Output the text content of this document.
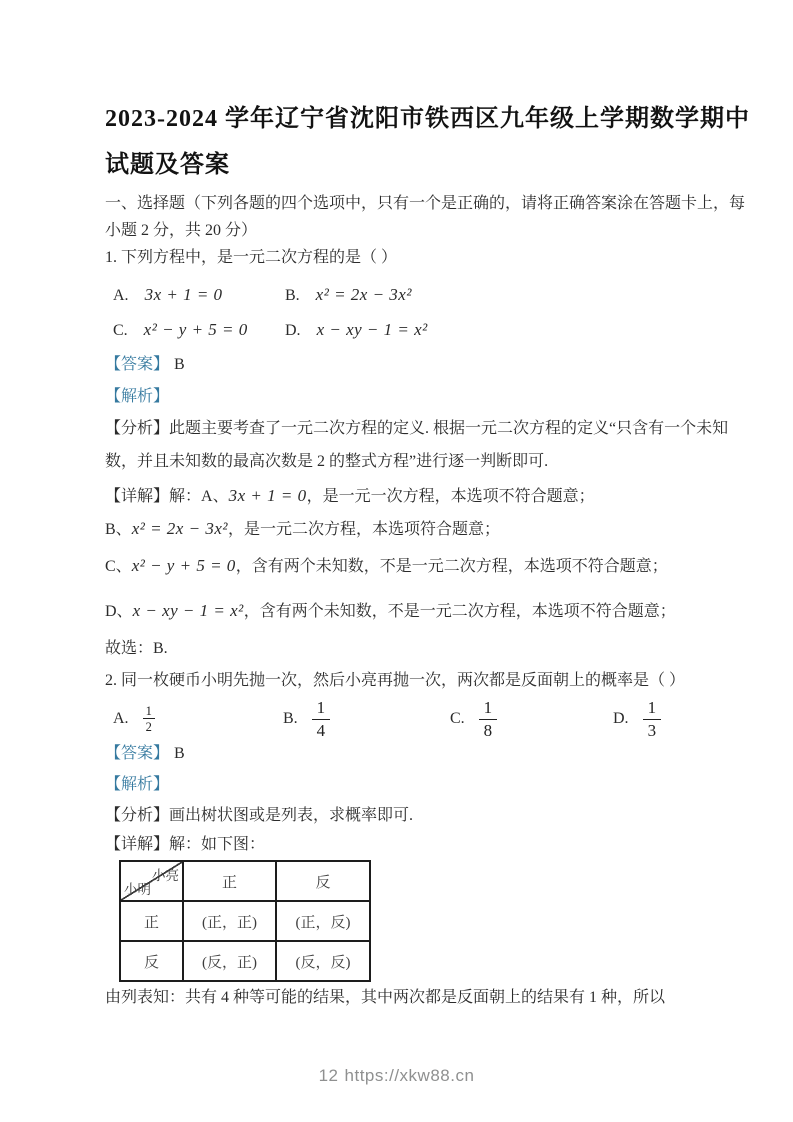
2023-2024 学年辽宁省沈阳市铁西区九年级上学期数学期中
试题及答案

一、选择题（下列各题的四个选项中，只有一个是正确的，请将正确答案涂在答题卡上，每

小题 2 分，共 20 分）

1. 下列方程中，是一元二次方程的是（ ）

A. 3x + 1 = 0	B. x² = 2x − 3x²
C. x² − y + 5 = 0 D. x − xy − 1 = x²

【答案】 B

【解析】

【分析】此题主要考查了一元二次方程的定义. 根据一元二次方程的定义“只含有一个未知

数，并且未知数的最高次数是 2 的整式方程”进行逐一判断即可.

【详解】解：A、3x + 1 = 0，是一元一次方程，本选项不符合题意；

B、x² = 2x − 3x²，是一元二次方程，本选项符合题意；

C、x² − y + 5 = 0，含有两个未知数，不是一元二次方程，本选项不符合题意；

D、x − xy − 1 = x²，含有两个未知数，不是一元二次方程，本选项不符合题意；

故选：B.

2. 同一枚硬币小明先抛一次，然后小亮再抛一次，两次都是反面朝上的概率是（ ）

A. $\frac{1}{2}$	B. $\frac{1}{4}$	C. $\frac{1}{8}$	D. $\frac{1}{3}$

【答案】 B

【解析】

【分析】画出树状图或是列表，求概率即可.

【详解】解：如下图：

小亮
小明	正	反
正	(正，正)	(正，反)
反	(反，正)	(反，反)

由列表知：共有 4 种等可能的结果，其中两次都是反面朝上的结果有 1 种，所以

12 https://xkw88.cn
